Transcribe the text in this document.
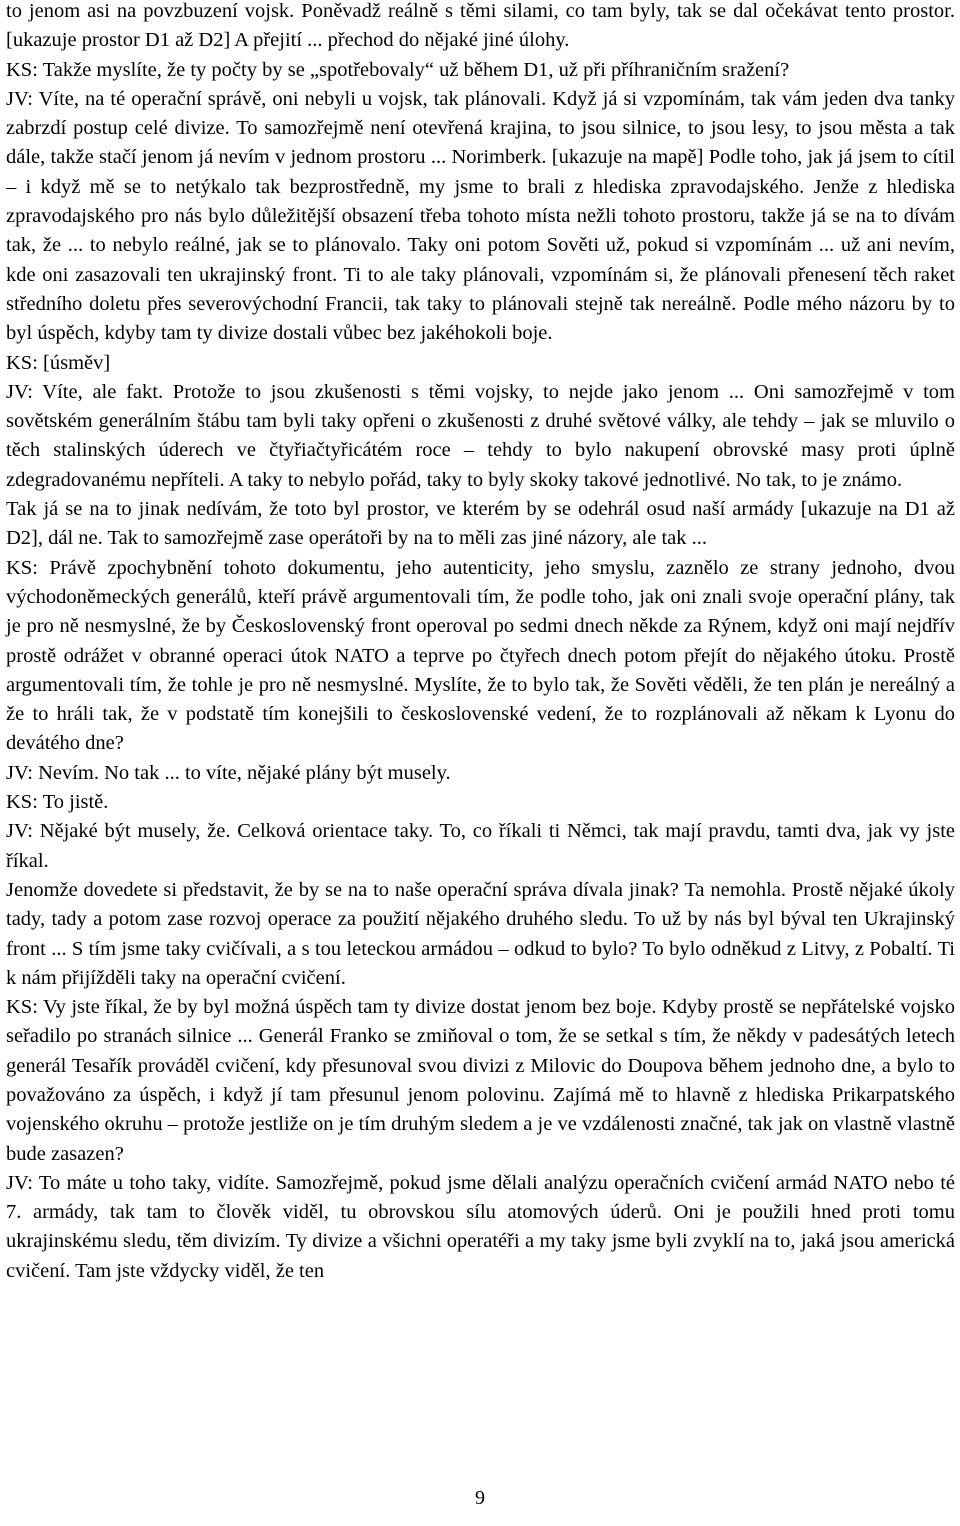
to jenom asi na povzbuzení vojsk. Poněvadž reálně s těmi silami, co tam byly, tak se dal očekávat tento prostor. [ukazuje prostor D1 až D2] A přejití ... přechod do nějaké jiné úlohy.

KS: Takže myslíte, že ty počty by se „spotřebovaly“ už během D1, už při příhraničním sražení?

JV: Víte, na té operační správě, oni nebyli u vojsk, tak plánovali. Když já si vzpomínám, tak vám jeden dva tanky zabrzdí postup celé divize. To samozřejmě není otevřená krajina, to jsou silnice, to jsou lesy, to jsou města a tak dále, takže stačí jenom já nevím v jednom prostoru ... Norimberk. [ukazuje na mapě] Podle toho, jak já jsem to cítil – i když mě se to netýkalo tak bezprostředně, my jsme to brali z hlediska zpravodajského. Jenže z hlediska zpravodajského pro nás bylo důležitější obsazení třeba tohoto místa nežli tohoto prostoru, takže já se na to dívám tak, že ... to nebylo reálné, jak se to plánovalo. Taky oni potom Sověti už, pokud si vzpomínám ... už ani nevím, kde oni zasazovali ten ukrajinský front. Ti to ale taky plánovali, vzpomínám si, že plánovali přenesení těch raket středního doletu přes severovýchodní Francii, tak taky to plánovali stejně tak nereálně. Podle mého názoru by to byl úspěch, kdyby tam ty divize dostali vůbec bez jakéhokoli boje.

KS: [úsměv]

JV: Víte, ale fakt. Protože to jsou zkušenosti s těmi vojsky, to nejde jako jenom ... Oni samozřejmě v tom sovětském generálním štábu tam byli taky opřeni o zkušenosti z druhé světové války, ale tehdy – jak se mluvilo o těch stalinských úderech ve čtyřiačtyřicátém roce – tehdy to bylo nakupení obrovské masy proti úplně zdegradovanému nepříteli. A taky to nebylo pořád, taky to byly skoky takové jednotlivé. No tak, to je známo.

Tak já se na to jinak nedívám, že toto byl prostor, ve kterém by se odehrál osud naší armády [ukazuje na D1 až D2], dál ne. Tak to samozřejmě zase operátoři by na to měli zas jiné názory, ale tak ...

KS: Právě zpochybnění tohoto dokumentu, jeho autenticity, jeho smyslu, zaznělo ze strany jednoho, dvou východoněmeckých generálů, kteří právě argumentovali tím, že podle toho, jak oni znali svoje operační plány, tak je pro ně nesmyslné, že by Československý front operoval po sedmi dnech někde za Rýnem, když oni mají nejdřív prostě odrážet v obranné operaci útok NATO a teprve po čtyřech dnech potom přejít do nějakého útoku. Prostě argumentovali tím, že tohle je pro ně nesmyslné. Myslíte, že to bylo tak, že Sověti věděli, že ten plán je nereálný a že to hráli tak, že v podstatě tím konejšili to československé vedení, že to rozplánovali až někam k Lyonu do devátého dne?

JV: Nevím. No tak ... to víte, nějaké plány být musely.

KS: To jistě.

JV: Nějaké být musely, že. Celková orientace taky. To, co říkali ti Němci, tak mají pravdu, tamti dva, jak vy jste říkal.

Jenomže dovedete si představit, že by se na to naše operační správa dívala jinak? Ta nemohla. Prostě nějaké úkoly tady, tady a potom zase rozvoj operace za použití nějakého druhého sledu. To už by nás byl býval ten Ukrajinský front ... S tím jsme taky cvičívali, a s tou leteckou armádou – odkud to bylo? To bylo odněkud z Litvy, z Pobaltí. Ti k nám přijížděli taky na operační cvičení.

KS: Vy jste říkal, že by byl možná úspěch tam ty divize dostat jenom bez boje. Kdyby prostě se nepřátelské vojsko seřadilo po stranách silnice ... Generál Franko se zmiňoval o tom, že se setkal s tím, že někdy v padesátých letech generál Tesařík prováděl cvičení, kdy přesunoval svou divizi z Milovic do Doupova během jednoho dne, a bylo to považováno za úspěch, i když jí tam přesunul jenom polovinu. Zajímá mě to hlavně z hlediska Prikarpatského vojenského okruhu – protože jestliže on je tím druhým sledem a je ve vzdálenosti značné, tak jak on vlastně vlastně bude zasazen?

JV: To máte u toho taky, vidíte. Samozřejmě, pokud jsme dělali analýzu operačních cvičení armád NATO nebo té 7. armády, tak tam to člověk viděl, tu obrovskou sílu atomových úderů. Oni je použili hned proti tomu ukrajinskému sledu, těm divizím. Ty divize a všichni operatéři a my taky jsme byli zvyklí na to, jaká jsou americká cvičení. Tam jste vždycky viděl, že ten

9
